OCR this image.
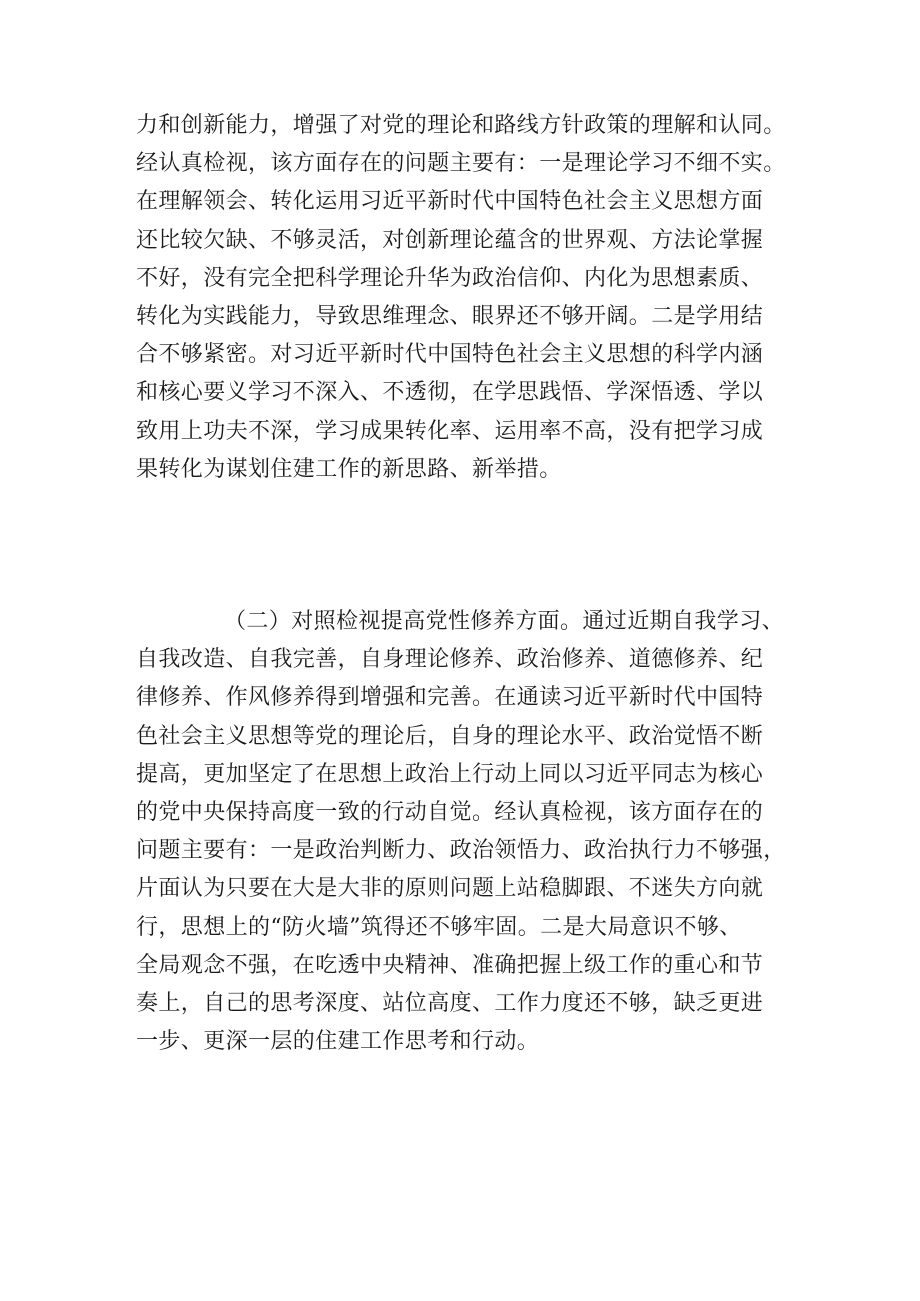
力和创新能力，增强了对党的理论和路线方针政策的理解和认同。
经认真检视，该方面存在的问题主要有：一是理论学习不细不实。
在理解领会、转化运用习近平新时代中国特色社会主义思想方面
还比较欠缺、不够灵活，对创新理论蕴含的世界观、方法论掌握
不好，没有完全把科学理论升华为政治信仰、内化为思想素质、
转化为实践能力，导致思维理念、眼界还不够开阔。二是学用结
合不够紧密。对习近平新时代中国特色社会主义思想的科学内涵
和核心要义学习不深入、不透彻，在学思践悟、学深悟透、学以
致用上功夫不深，学习成果转化率、运用率不高，没有把学习成
果转化为谋划住建工作的新思路、新举措。

（二）对照检视提高党性修养方面。通过近期自我学习、
自我改造、自我完善，自身理论修养、政治修养、道德修养、纪
律修养、作风修养得到增强和完善。在通读习近平新时代中国特
色社会主义思想等党的理论后，自身的理论水平、政治觉悟不断
提高，更加坚定了在思想上政治上行动上同以习近平同志为核心
的党中央保持高度一致的行动自觉。经认真检视，该方面存在的
问题主要有：一是政治判断力、政治领悟力、政治执行力不够强，
片面认为只要在大是大非的原则问题上站稳脚跟、不迷失方向就
行，思想上的“防火墙”筑得还不够牢固。二是大局意识不够、
全局观念不强，在吃透中央精神、准确把握上级工作的重心和节
奏上，自己的思考深度、站位高度、工作力度还不够，缺乏更进
一步、更深一层的住建工作思考和行动。
